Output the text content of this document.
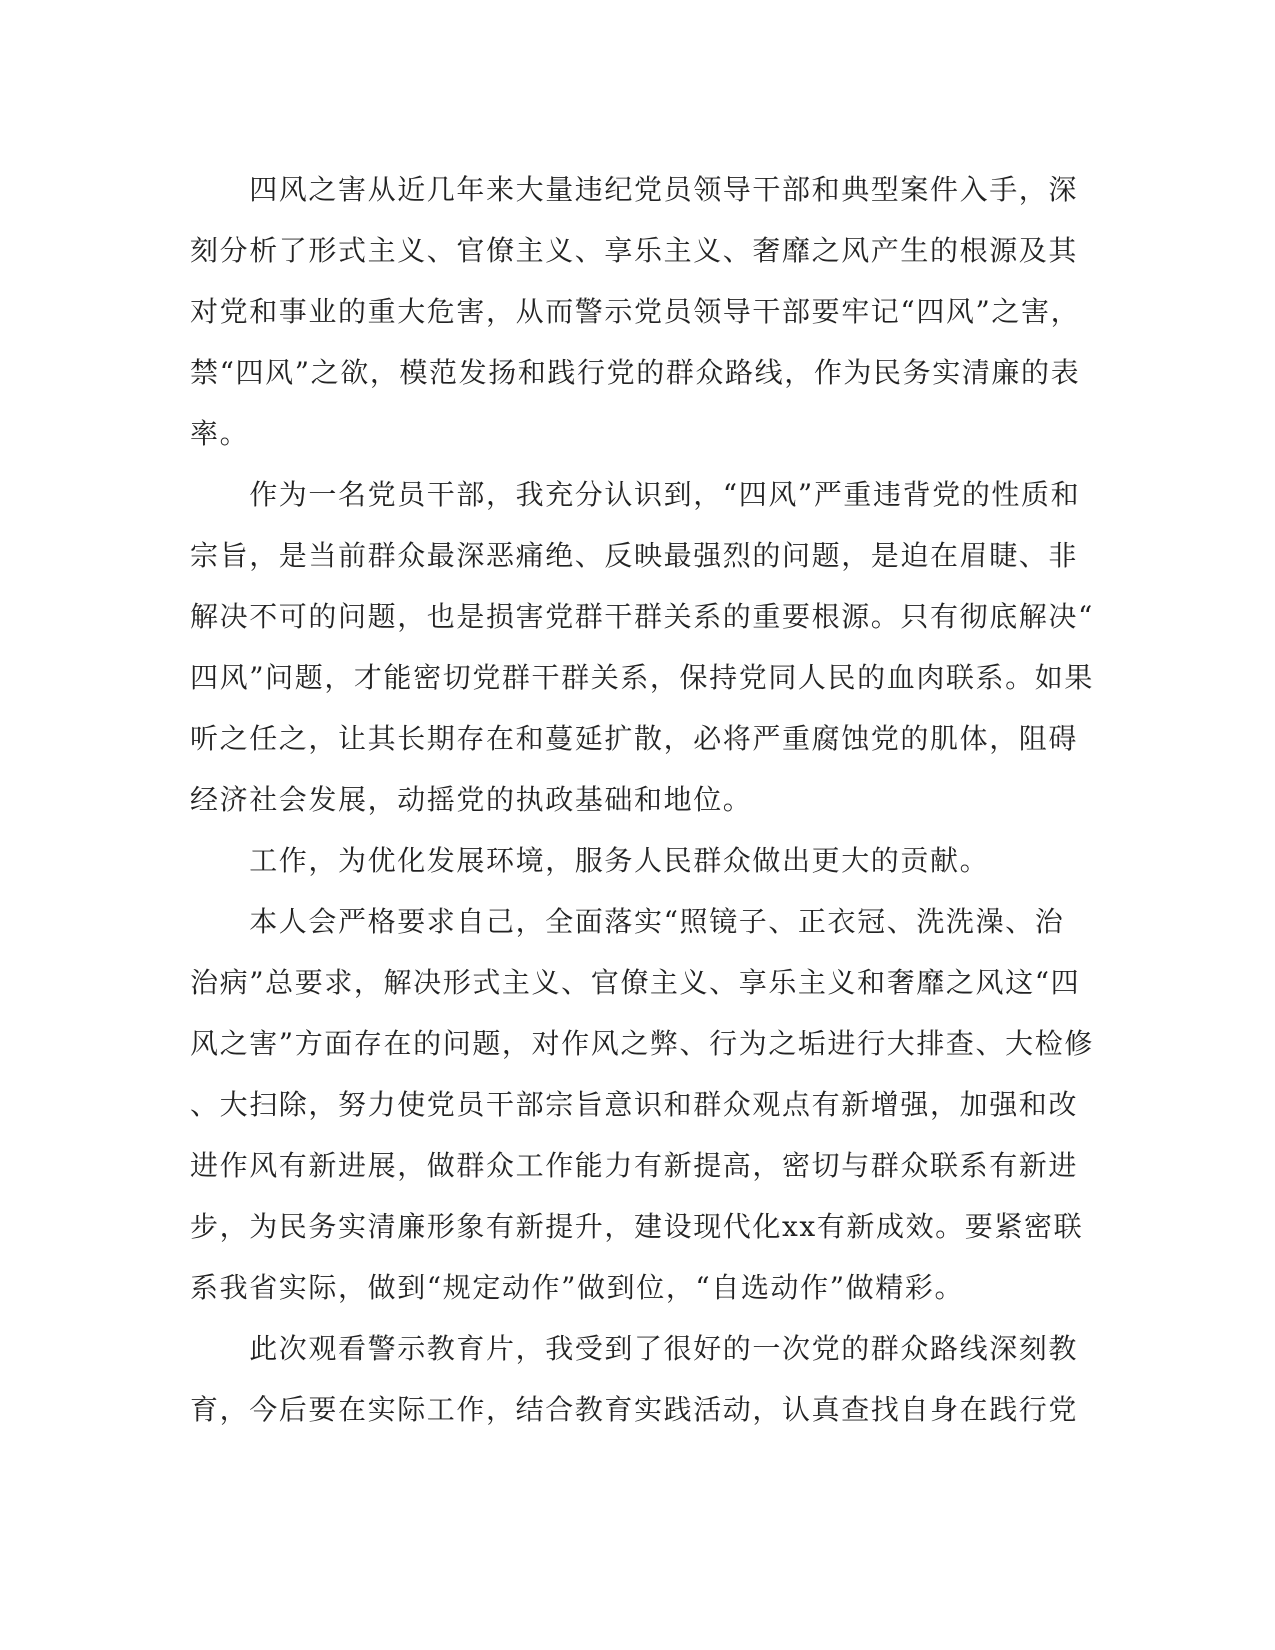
　　四风之害从近几年来大量违纪党员领导干部和典型案件入手，深
刻分析了形式主义、官僚主义、享乐主义、奢靡之风产生的根源及其
对党和事业的重大危害，从而警示党员领导干部要牢记“四风”之害，
禁“四风”之欲，模范发扬和践行党的群众路线，作为民务实清廉的表
率。

　　作为一名党员干部，我充分认识到，“四风”严重违背党的性质和
宗旨，是当前群众最深恶痛绝、反映最强烈的问题，是迫在眉睫、非
解决不可的问题，也是损害党群干群关系的重要根源。只有彻底解决“
四风”问题，才能密切党群干群关系，保持党同人民的血肉联系。如果
听之任之，让其长期存在和蔓延扩散，必将严重腐蚀党的肌体，阻碍
经济社会发展，动摇党的执政基础和地位。

　　工作，为优化发展环境，服务人民群众做出更大的贡献。

　　本人会严格要求自己，全面落实“照镜子、正衣冠、洗洗澡、治
治病”总要求，解决形式主义、官僚主义、享乐主义和奢靡之风这“四
风之害”方面存在的问题，对作风之弊、行为之垢进行大排查、大检修
、大扫除，努力使党员干部宗旨意识和群众观点有新增强，加强和改
进作风有新进展，做群众工作能力有新提高，密切与群众联系有新进
步，为民务实清廉形象有新提升，建设现代化xx有新成效。要紧密联
系我省实际，做到“规定动作”做到位，“自选动作”做精彩。

　　此次观看警示教育片，我受到了很好的一次党的群众路线深刻教
育，今后要在实际工作，结合教育实践活动，认真查找自身在践行党
